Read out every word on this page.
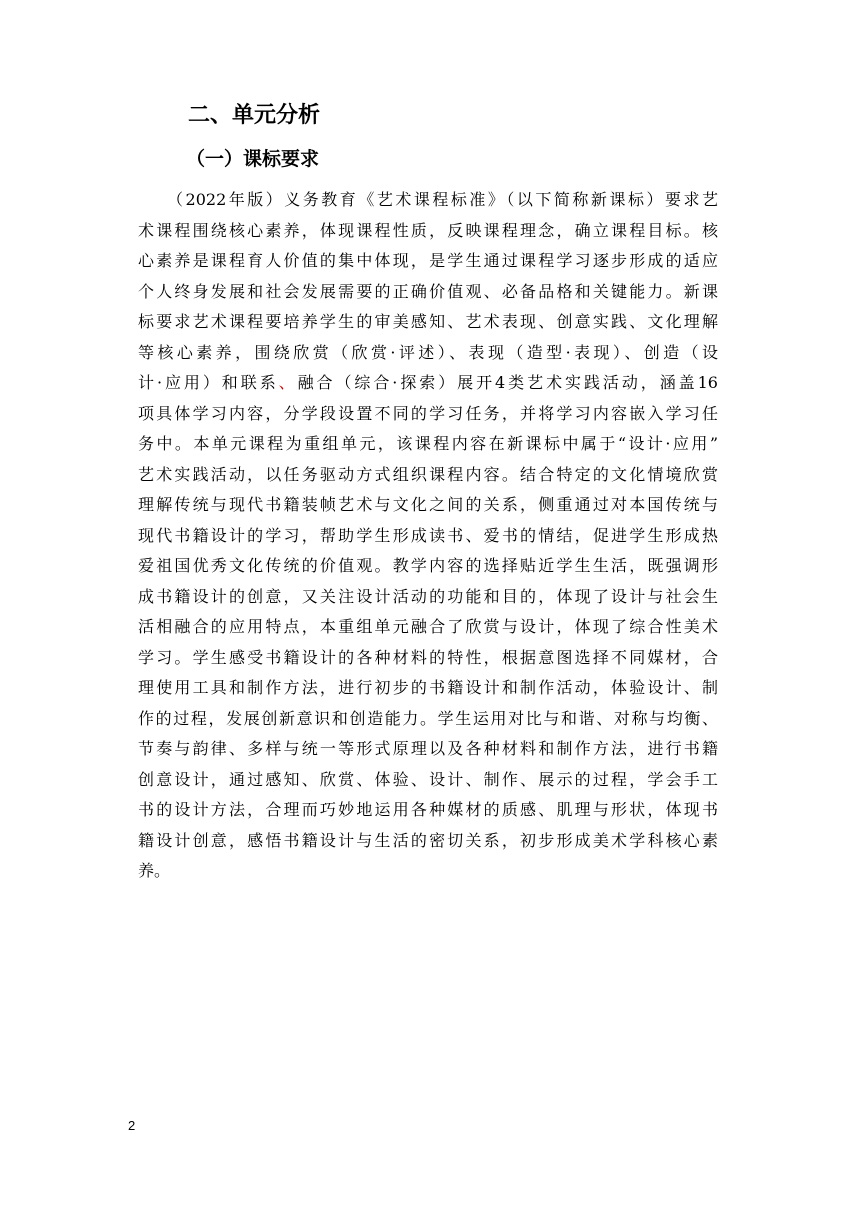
二、单元分析
（一）课标要求
　　（2022年版）义务教育《艺术课程标准》（以下简称新课标）要求艺
术课程围绕核心素养，体现课程性质，反映课程理念，确立课程目标。核
心素养是课程育人价值的集中体现，是学生通过课程学习逐步形成的适应
个人终身发展和社会发展需要的正确价值观、必备品格和关键能力。新课
标要求艺术课程要培养学生的审美感知、艺术表现、创意实践、文化理解
等核心素养，围绕欣赏（欣赏·评述）、表现（造型·表现）、创造（设
计·应用）和联系、融合（综合·探索）展开4类艺术实践活动，涵盖16
项具体学习内容，分学段设置不同的学习任务，并将学习内容嵌入学习任
务中。本单元课程为重组单元，该课程内容在新课标中属于“设计·应用”
艺术实践活动，以任务驱动方式组织课程内容。结合特定的文化情境欣赏
理解传统与现代书籍装帧艺术与文化之间的关系，侧重通过对本国传统与
现代书籍设计的学习，帮助学生形成读书、爱书的情结，促进学生形成热
爱祖国优秀文化传统的价值观。教学内容的选择贴近学生生活，既强调形
成书籍设计的创意，又关注设计活动的功能和目的，体现了设计与社会生
活相融合的应用特点，本重组单元融合了欣赏与设计，体现了综合性美术
学习。学生感受书籍设计的各种材料的特性，根据意图选择不同媒材，合
理使用工具和制作方法，进行初步的书籍设计和制作活动，体验设计、制
作的过程，发展创新意识和创造能力。学生运用对比与和谐、对称与均衡、
节奏与韵律、多样与统一等形式原理以及各种材料和制作方法，进行书籍
创意设计，通过感知、欣赏、体验、设计、制作、展示的过程，学会手工
书的设计方法，合理而巧妙地运用各种媒材的质感、肌理与形状，体现书
籍设计创意，感悟书籍设计与生活的密切关系，初步形成美术学科核心素
养。
2
